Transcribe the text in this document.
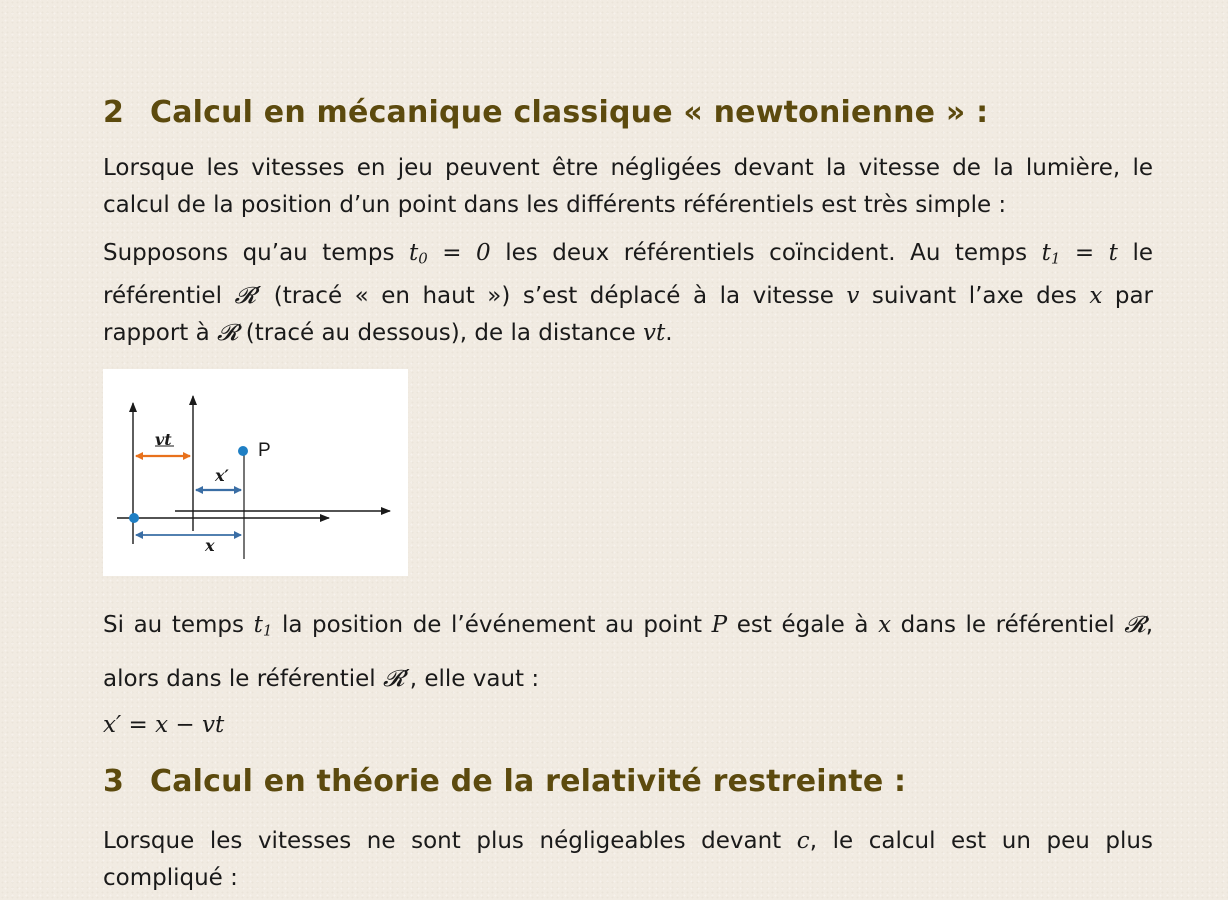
2 Calcul en mécanique classique « newtonienne » :

Lorsque les vitesses en jeu peuvent être négligées devant la vitesse de la lumière, le calcul de la position d’un point dans les différents référentiels est très simple :

Supposons qu’au temps $t_0 = 0$ les deux référentiels coïncident. Au temps $t_1 = t$ le référentiel 𝓡′ (tracé « en haut ») s’est déplacé à la vitesse v suivant l’axe des x par rapport à 𝓡 (tracé au dessous), de la distance vt.

vt
x′
x
P

Si au temps $t_1$ la position de l’événement au point P est égale à x dans le référentiel 𝓡, alors dans le référentiel 𝓡′, elle vaut :

x′ = x − vt
3 Calcul en théorie de la relativité restreinte :

Lorsque les vitesses ne sont plus négligeables devant c, le calcul est un peu plus compliqué :
